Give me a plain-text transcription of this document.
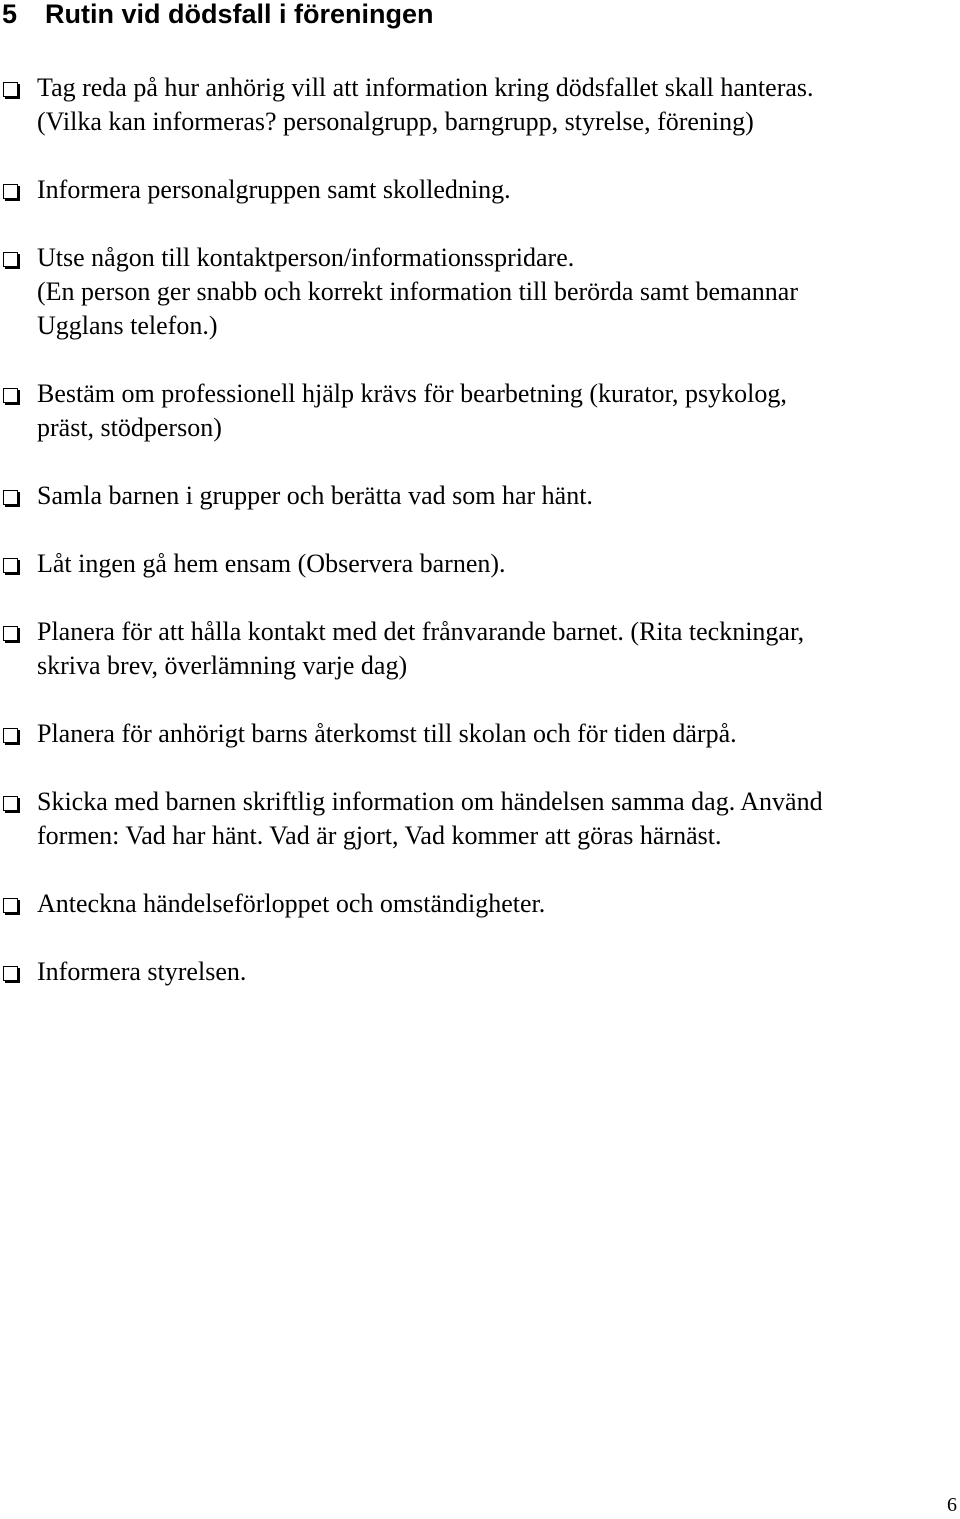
5 Rutin vid dödsfall i föreningen
Tag reda på hur anhörig vill att information kring dödsfallet skall hanteras.
(Vilka kan informeras? personalgrupp, barngrupp, styrelse, förening)
Informera personalgruppen samt skolledning.
Utse någon till kontaktperson/informationsspridare.
(En person ger snabb och korrekt information till berörda samt bemannar
Ugglans telefon.)
Bestäm om professionell hjälp krävs för bearbetning (kurator, psykolog,
präst, stödperson)
Samla barnen i grupper och berätta vad som har hänt.
Låt ingen gå hem ensam (Observera barnen).
Planera för att hålla kontakt med det frånvarande barnet. (Rita teckningar,
skriva brev, överlämning varje dag)
Planera för anhörigt barns återkomst till skolan och för tiden därpå.
Skicka med barnen skriftlig information om händelsen samma dag. Använd
formen: Vad har hänt. Vad är gjort, Vad kommer att göras härnäst.
Anteckna händelseförloppet och omständigheter.
Informera styrelsen.
6
